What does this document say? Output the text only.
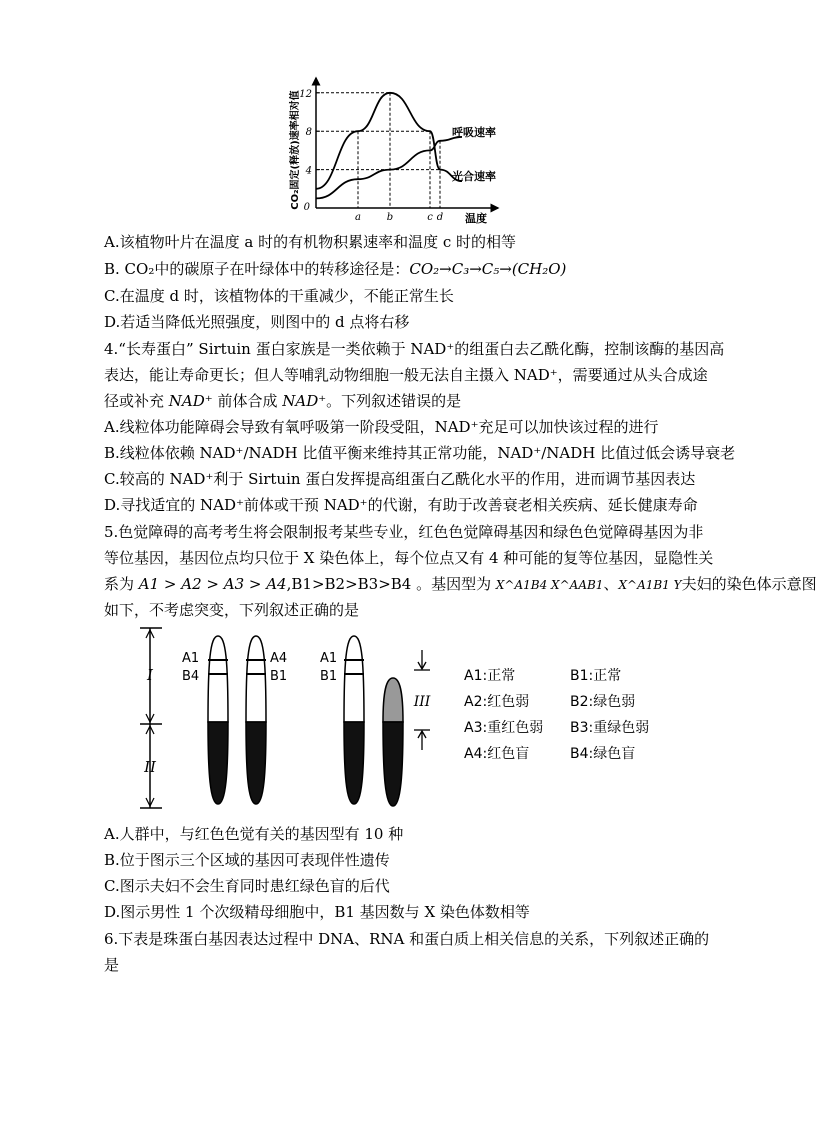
CO₂固定(释放)速率相对值 4
8
12
a	b	c d
0
温度
呼吸速率
光合速率
A.该植物叶片在温度 a 时的有机物积累速率和温度 c 时的相等
B. CO₂中的碳原子在叶绿体中的转移途径是：CO₂→C₃→C₅→(CH₂O)
C.在温度 d 时，该植物体的干重减少，不能正常生长
D.若适当降低光照强度，则图中的 d 点将右移
4.“长寿蛋白” Sirtuin 蛋白家族是一类依赖于 NAD⁺的组蛋白去乙酰化酶，控制该酶的基因高
表达，能让寿命更长；但人等哺乳动物细胞一般无法自主摄入 NAD⁺，需要通过从头合成途
径或补充 NAD⁺ 前体合成 NAD⁺。下列叙述错误的是
A.线粒体功能障碍会导致有氧呼吸第一阶段受阻，NAD⁺充足可以加快该过程的进行
B.线粒体依赖 NAD⁺/NADH 比值平衡来维持其正常功能，NAD⁺/NADH 比值过低会诱导衰老
C.较高的 NAD⁺利于 Sirtuin 蛋白发挥提高组蛋白乙酰化水平的作用，进而调节基因表达
D.寻找适宜的 NAD⁺前体或干预 NAD⁺的代谢，有助于改善衰老相关疾病、延长健康寿命
5.色觉障碍的高考考生将会限制报考某些专业，红色色觉障碍基因和绿色色觉障碍基因为非
等位基因，基因位点均只位于 X 染色体上，每个位点又有 4 种可能的复等位基因，显隐性关
系为 A1 > A2 > A3 > A4,B1>B2>B3>B4 。基因型为 X^A1B4 X^AAB1、X^A1B1 Y夫妇的染色体示意图
如下，不考虑突变，下列叙述正确的是
I
II
A1
B4
A4
B1
A1
B1
III
A1:正常	B1:正常
A2:红色弱	B2:绿色弱
A3:重红色弱 B3:重绿色弱
A4:红色盲	B4:绿色盲
A.人群中，与红色色觉有关的基因型有 10 种
B.位于图示三个区域的基因可表现伴性遗传
C.图示夫妇不会生育同时患红绿色盲的后代
D.图示男性 1 个次级精母细胞中，B1 基因数与 X 染色体数相等
6.下表是珠蛋白基因表达过程中 DNA、RNA 和蛋白质上相关信息的关系，下列叙述正确的
是
